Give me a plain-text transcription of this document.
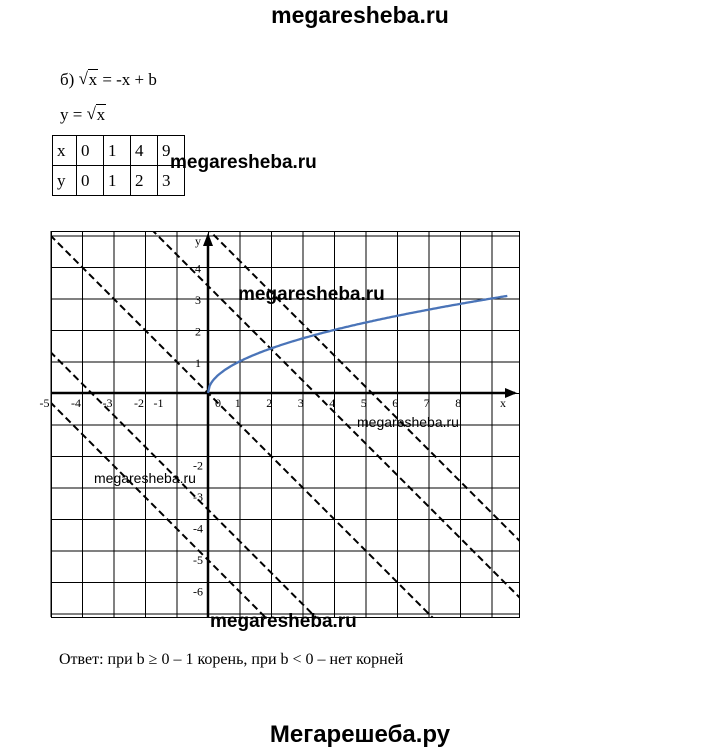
megaresheba.ru
б) √ x = -x + b
y = √ x
x	0	1	4	9
y	0	1	2	3
-5 -4 -3 -2 -1	0 1 2 3 4 5 6 7 8
4
3
2
1
-2
-3
-4
-5
-6
x
y
megaresheba.ru
megaresheba.ru
megaresheba.ru
megaresheba.ru
megaresheba.ru
Ответ: при b ≥ 0 – 1 корень, при b < 0 – нет корней
Мегарешеба.ру
